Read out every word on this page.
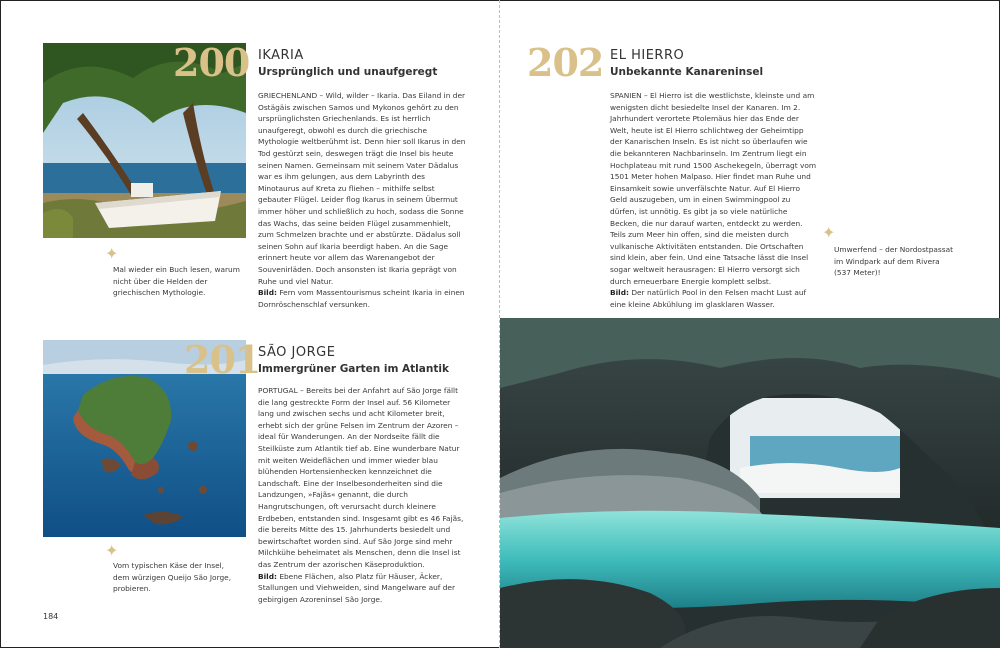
200 IKARIA
Ursprünglich und unaufgeregt
GRIECHENLAND – Wild, wilder – Ikaria. Das Eiland in der Ostägäis zwischen Samos und Mykonos gehört zu den ursprünglichsten Griechenlands. Es ist herrlich unaufgeregt, obwohl es durch die griechische Mythologie weltberühmt ist. Denn hier soll Ikarus in den Tod gestürzt sein, deswegen trägt die Insel bis heute seinen Namen. Gemeinsam mit seinem Vater Dädalus war es ihm gelungen, aus dem Labyrinth des Minotaurus auf Kreta zu fliehen – mithilfe selbst gebauter Flügel. Leider flog Ikarus in seinem Übermut immer höher und schließlich zu hoch, sodass die Sonne das Wachs, das seine beiden Flügel zusammenhielt, zum Schmelzen brachte und er abstürzte. Dädalus soll seinen Sohn auf Ikaria beerdigt haben. An die Sage erinnert heute vor allem das Warenangebot der Souvenirläden. Doch ansonsten ist Ikaria geprägt von Ruhe und viel Natur.
Bild: Fern vom Massentourismus scheint Ikaria in einen Dornröschenschlaf versunken.
✦
Mal wieder ein Buch lesen, warum nicht über die Helden der griechischen Mythologie.
201
SÃO JORGE
Immergrüner Garten im Atlantik
PORTUGAL – Bereits bei der Anfahrt auf São Jorge fällt die lang gestreckte Form der Insel auf. 56 Kilometer lang und zwischen sechs und acht Kilometer breit, erhebt sich der grüne Felsen im Zentrum der Azoren – ideal für Wanderungen. An der Nordseite fällt die Steilküste zum Atlantik tief ab. Eine wunderbare Natur mit weiten Weideflächen und immer wieder blau blühenden Hortensienhecken kennzeichnet die Landschaft. Eine der Inselbesonderheiten sind die Landzungen, »Fajãs« genannt, die durch Hangrutschungen, oft verursacht durch kleinere Erdbeben, entstanden sind. Insgesamt gibt es 46 Fajãs, die bereits Mitte des 15. Jahrhunderts besiedelt und bewirtschaftet worden sind. Auf São Jorge sind mehr Milchkühe beheimatet als Menschen, denn die Insel ist das Zentrum der azorischen Käseproduktion.
Bild: Ebene Flächen, also Platz für Häuser, Äcker, Stallungen und Viehweiden, sind Mangelware auf der gebirgigen Azoreninsel São Jorge.
✦
Vom typischen Käse der Insel, dem würzigen Queijo São Jorge, probieren.
184
202 EL HIERRO
Unbekannte Kanareninsel
SPANIEN – El Hierro ist die westlichste, kleinste und am wenigsten dicht besiedelte Insel der Kanaren. Im 2. Jahrhundert verortete Ptolemäus hier das Ende der Welt, heute ist El Hierro schlichtweg der Geheimtipp der Kanarischen Inseln. Es ist nicht so überlaufen wie die bekannteren Nachbarinseln. Im Zentrum liegt ein Hochplateau mit rund 1500 Aschekegeln, überragt vom 1501 Meter hohen Malpaso. Hier findet man Ruhe und Einsamkeit sowie unverfälschte Natur. Auf El Hierro Geld auszugeben, um in einen Swimmingpool zu dürfen, ist unnötig. Es gibt ja so viele natürliche Becken, die nur darauf warten, entdeckt zu werden. Teils zum Meer hin offen, sind die meisten durch vulkanische Aktivitäten entstanden. Die Ortschaften sind klein, aber fein. Und eine Tatsache lässt die Insel sogar weltweit herausragen: El Hierro versorgt sich durch erneuerbare Energie komplett selbst.
Bild: Der natürlich Pool in den Felsen macht Lust auf eine kleine Abkühlung im glasklaren Wasser.
✦
Umwerfend – der Nordostpassat im Windpark auf dem Rivera (537 Meter)!
